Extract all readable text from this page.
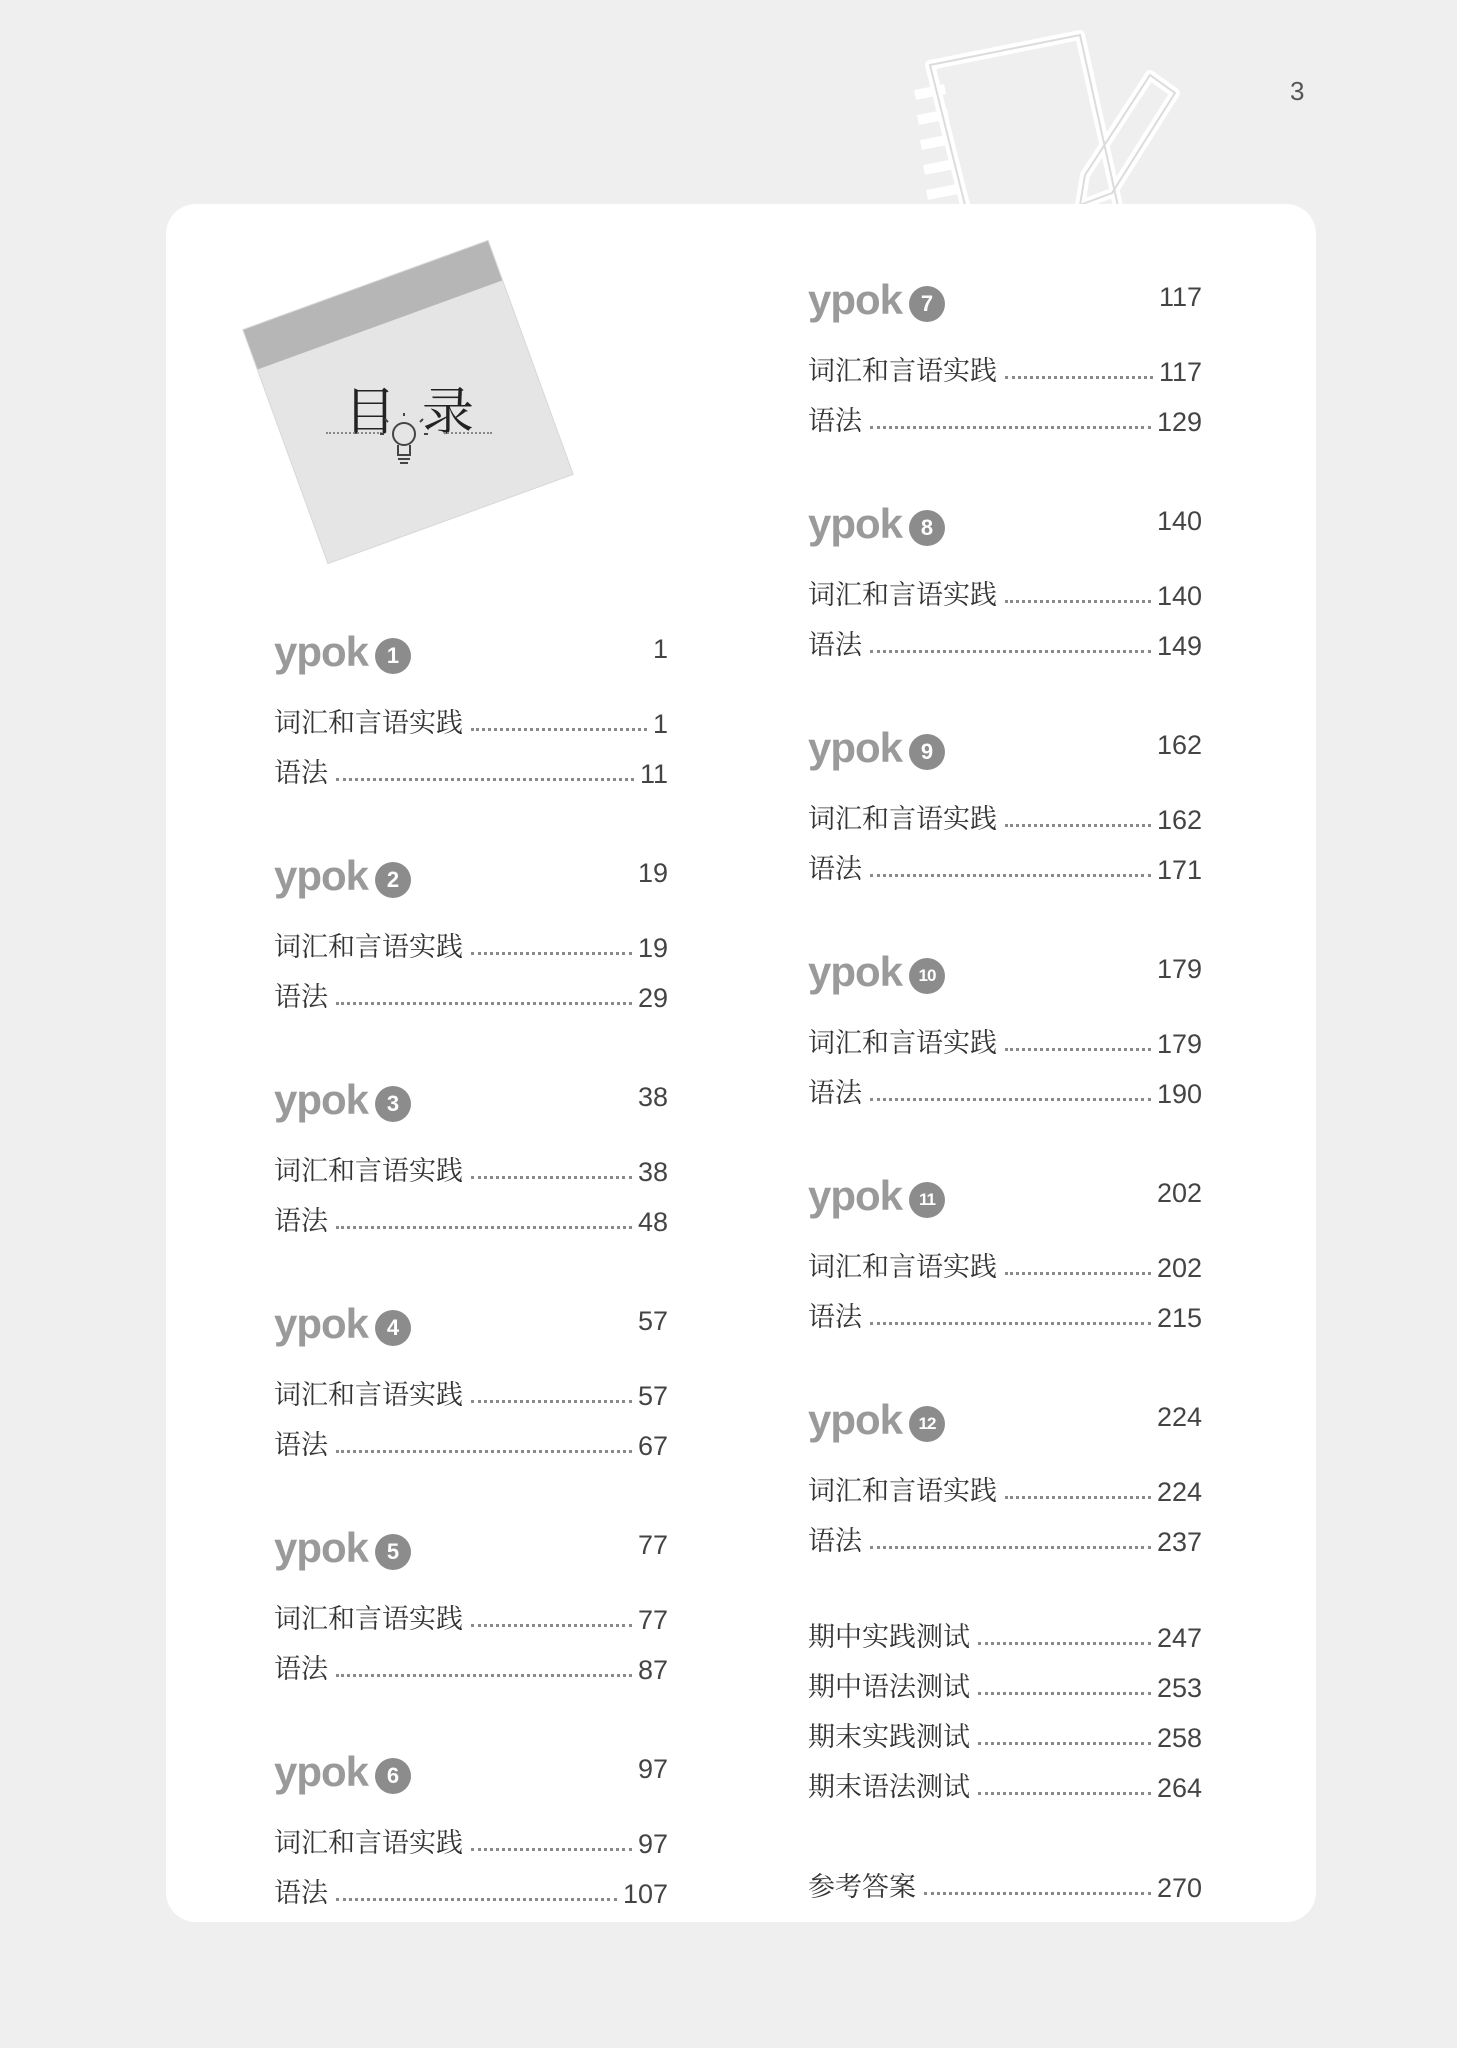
3
目录
ypok 1	1
词汇和言语实践	1
语法	11
ypok 2	19
词汇和言语实践	19
语法	29
ypok 3	38
词汇和言语实践	38
语法	48
ypok 4	57
词汇和言语实践	57
语法	67
ypok 5	77
词汇和言语实践	77
语法	87
ypok 6	97
词汇和言语实践	97
语法	107
ypok 7	117
词汇和言语实践	117
语法	129
ypok 8	140
词汇和言语实践	140
语法	149
ypok 9	162
词汇和言语实践	162
语法	171
ypok 10	179
词汇和言语实践	179
语法	190
ypok 11	202
词汇和言语实践	202
语法	215
ypok 12	224
词汇和言语实践	224
语法	237
期中实践测试	247
期中语法测试	253
期末实践测试	258
期末语法测试	264
参考答案	270
